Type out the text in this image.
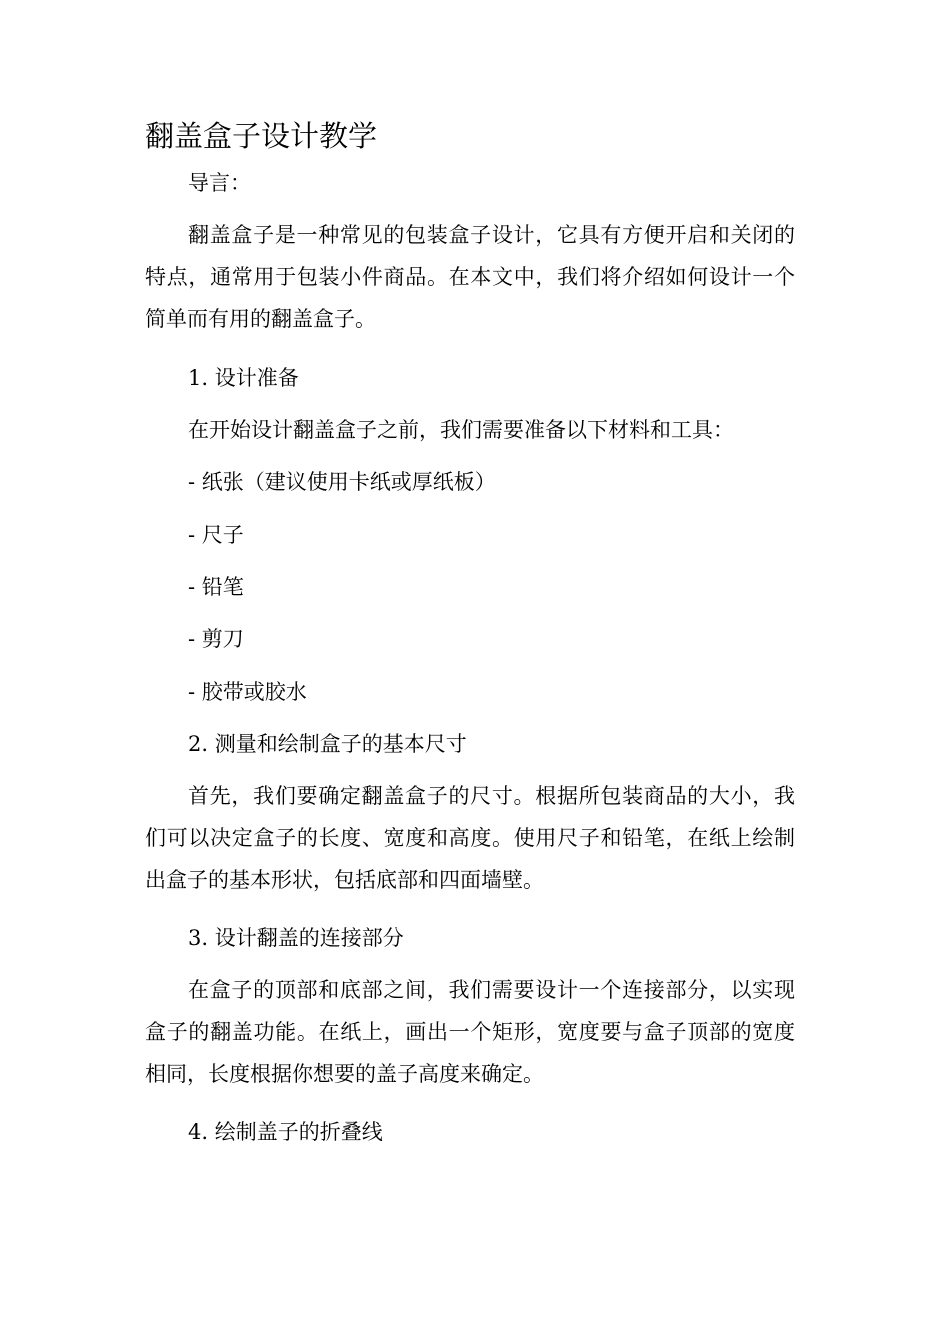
翻盖盒子设计教学
导言：
翻盖盒子是一种常见的包装盒子设计，它具有方便开启和关闭的特点，通常用于包装小件商品。在本文中，我们将介绍如何设计一个简单而有用的翻盖盒子。
1. 设计准备
在开始设计翻盖盒子之前，我们需要准备以下材料和工具：
- 纸张（建议使用卡纸或厚纸板）
- 尺子
- 铅笔
- 剪刀
- 胶带或胶水
2. 测量和绘制盒子的基本尺寸
首先，我们要确定翻盖盒子的尺寸。根据所包装商品的大小，我们可以决定盒子的长度、宽度和高度。使用尺子和铅笔，在纸上绘制出盒子的基本形状，包括底部和四面墙壁。
3. 设计翻盖的连接部分
在盒子的顶部和底部之间，我们需要设计一个连接部分，以实现盒子的翻盖功能。在纸上，画出一个矩形，宽度要与盒子顶部的宽度相同，长度根据你想要的盖子高度来确定。
4. 绘制盖子的折叠线
